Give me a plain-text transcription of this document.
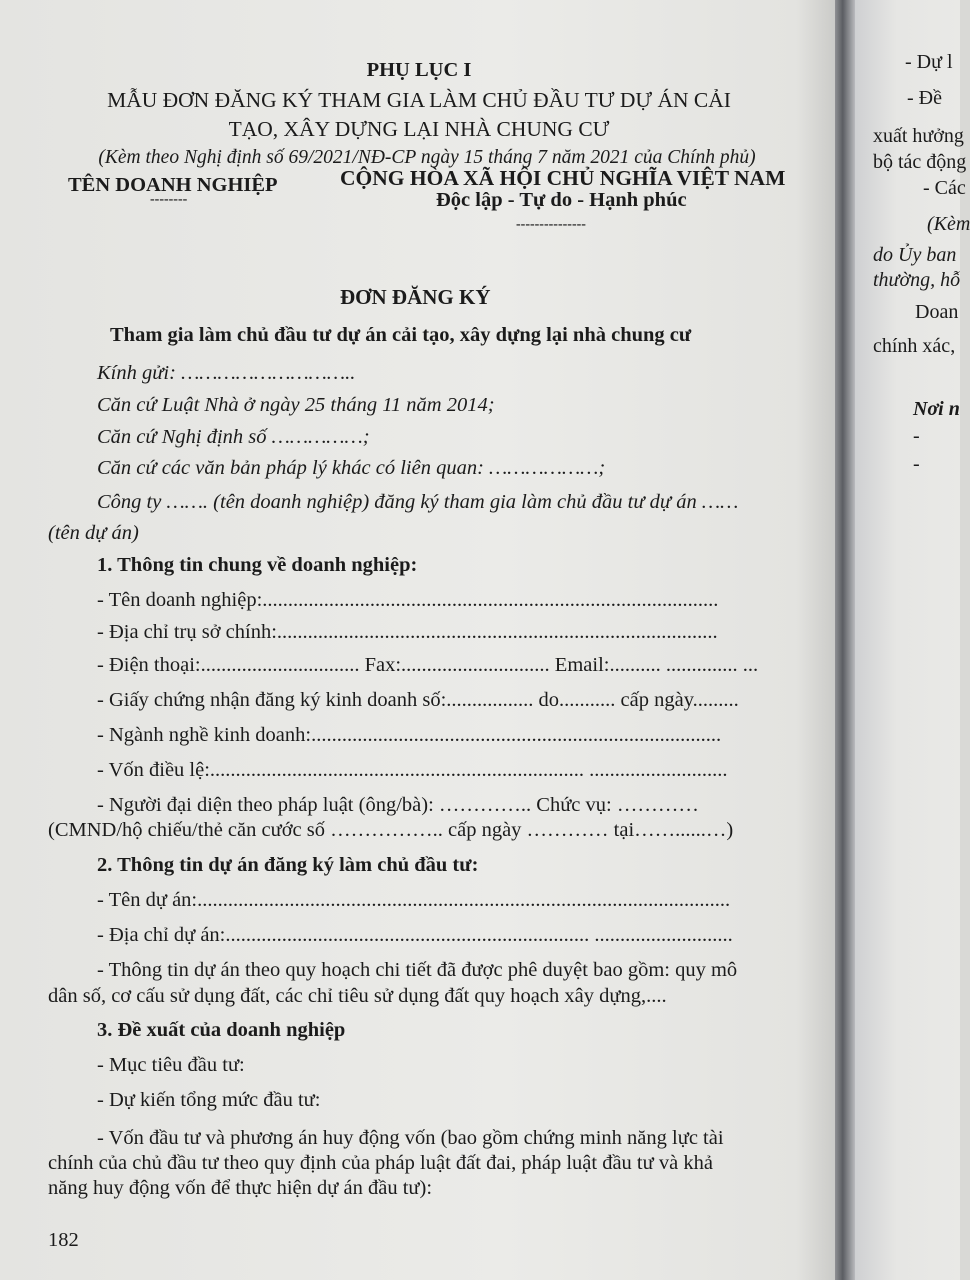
PHỤ LỤC I
MẪU ĐƠN ĐĂNG KÝ THAM GIA LÀM CHỦ ĐẦU TƯ DỰ ÁN CẢI
TẠO, XÂY DỰNG LẠI NHÀ CHUNG CƯ
(Kèm theo Nghị định số 69/2021/NĐ-CP ngày 15 tháng 7 năm 2021 của Chính phủ)
TÊN DOANH NGHIỆP
--------
CỘNG HÒA XÃ HỘI CHỦ NGHĨA VIỆT NAM
Độc lập - Tự do - Hạnh phúc
---------------
ĐƠN ĐĂNG KÝ
Tham gia làm chủ đầu tư dự án cải tạo, xây dựng lại nhà chung cư
Kính gửi: ………………………..
Căn cứ Luật Nhà ở ngày 25 tháng 11 năm 2014;
Căn cứ Nghị định số ……………;
Căn cứ các văn bản pháp lý khác có liên quan: ………………;
Công ty ……. (tên doanh nghiệp) đăng ký tham gia làm chủ đầu tư dự án ……
(tên dự án)
1. Thông tin chung về doanh nghiệp:
- Tên doanh nghiệp:.........................................................................................
- Địa chỉ trụ sở chính:......................................................................................
- Điện thoại:............................... Fax:............................. Email:.......... .............. ...
- Giấy chứng nhận đăng ký kinh doanh số:................. do........... cấp ngày.........
- Ngành nghề kinh doanh:................................................................................
- Vốn điều lệ:......................................................................... ...........................
- Người đại diện theo pháp luật (ông/bà): ………….. Chức vụ: …………
(CMND/hộ chiếu/thẻ căn cước số …………….. cấp ngày ………… tại……......…)
2. Thông tin dự án đăng ký làm chủ đầu tư:
- Tên dự án:........................................................................................................
- Địa chỉ dự án:....................................................................... ...........................
- Thông tin dự án theo quy hoạch chi tiết đã được phê duyệt bao gồm: quy mô
dân số, cơ cấu sử dụng đất, các chỉ tiêu sử dụng đất quy hoạch xây dựng,....
3. Đề xuất của doanh nghiệp
- Mục tiêu đầu tư:
- Dự kiến tổng mức đầu tư:
- Vốn đầu tư và phương án huy động vốn (bao gồm chứng minh năng lực tài
chính của chủ đầu tư theo quy định của pháp luật đất đai, pháp luật đầu tư và khả
năng huy động vốn để thực hiện dự án đầu tư):
182
- Dự l
- Đề
xuất hưởng
bộ tác động
- Các
(Kèm
do Ủy ban
thường, hỗ
Doan
chính xác,
Nơi n
-
-
